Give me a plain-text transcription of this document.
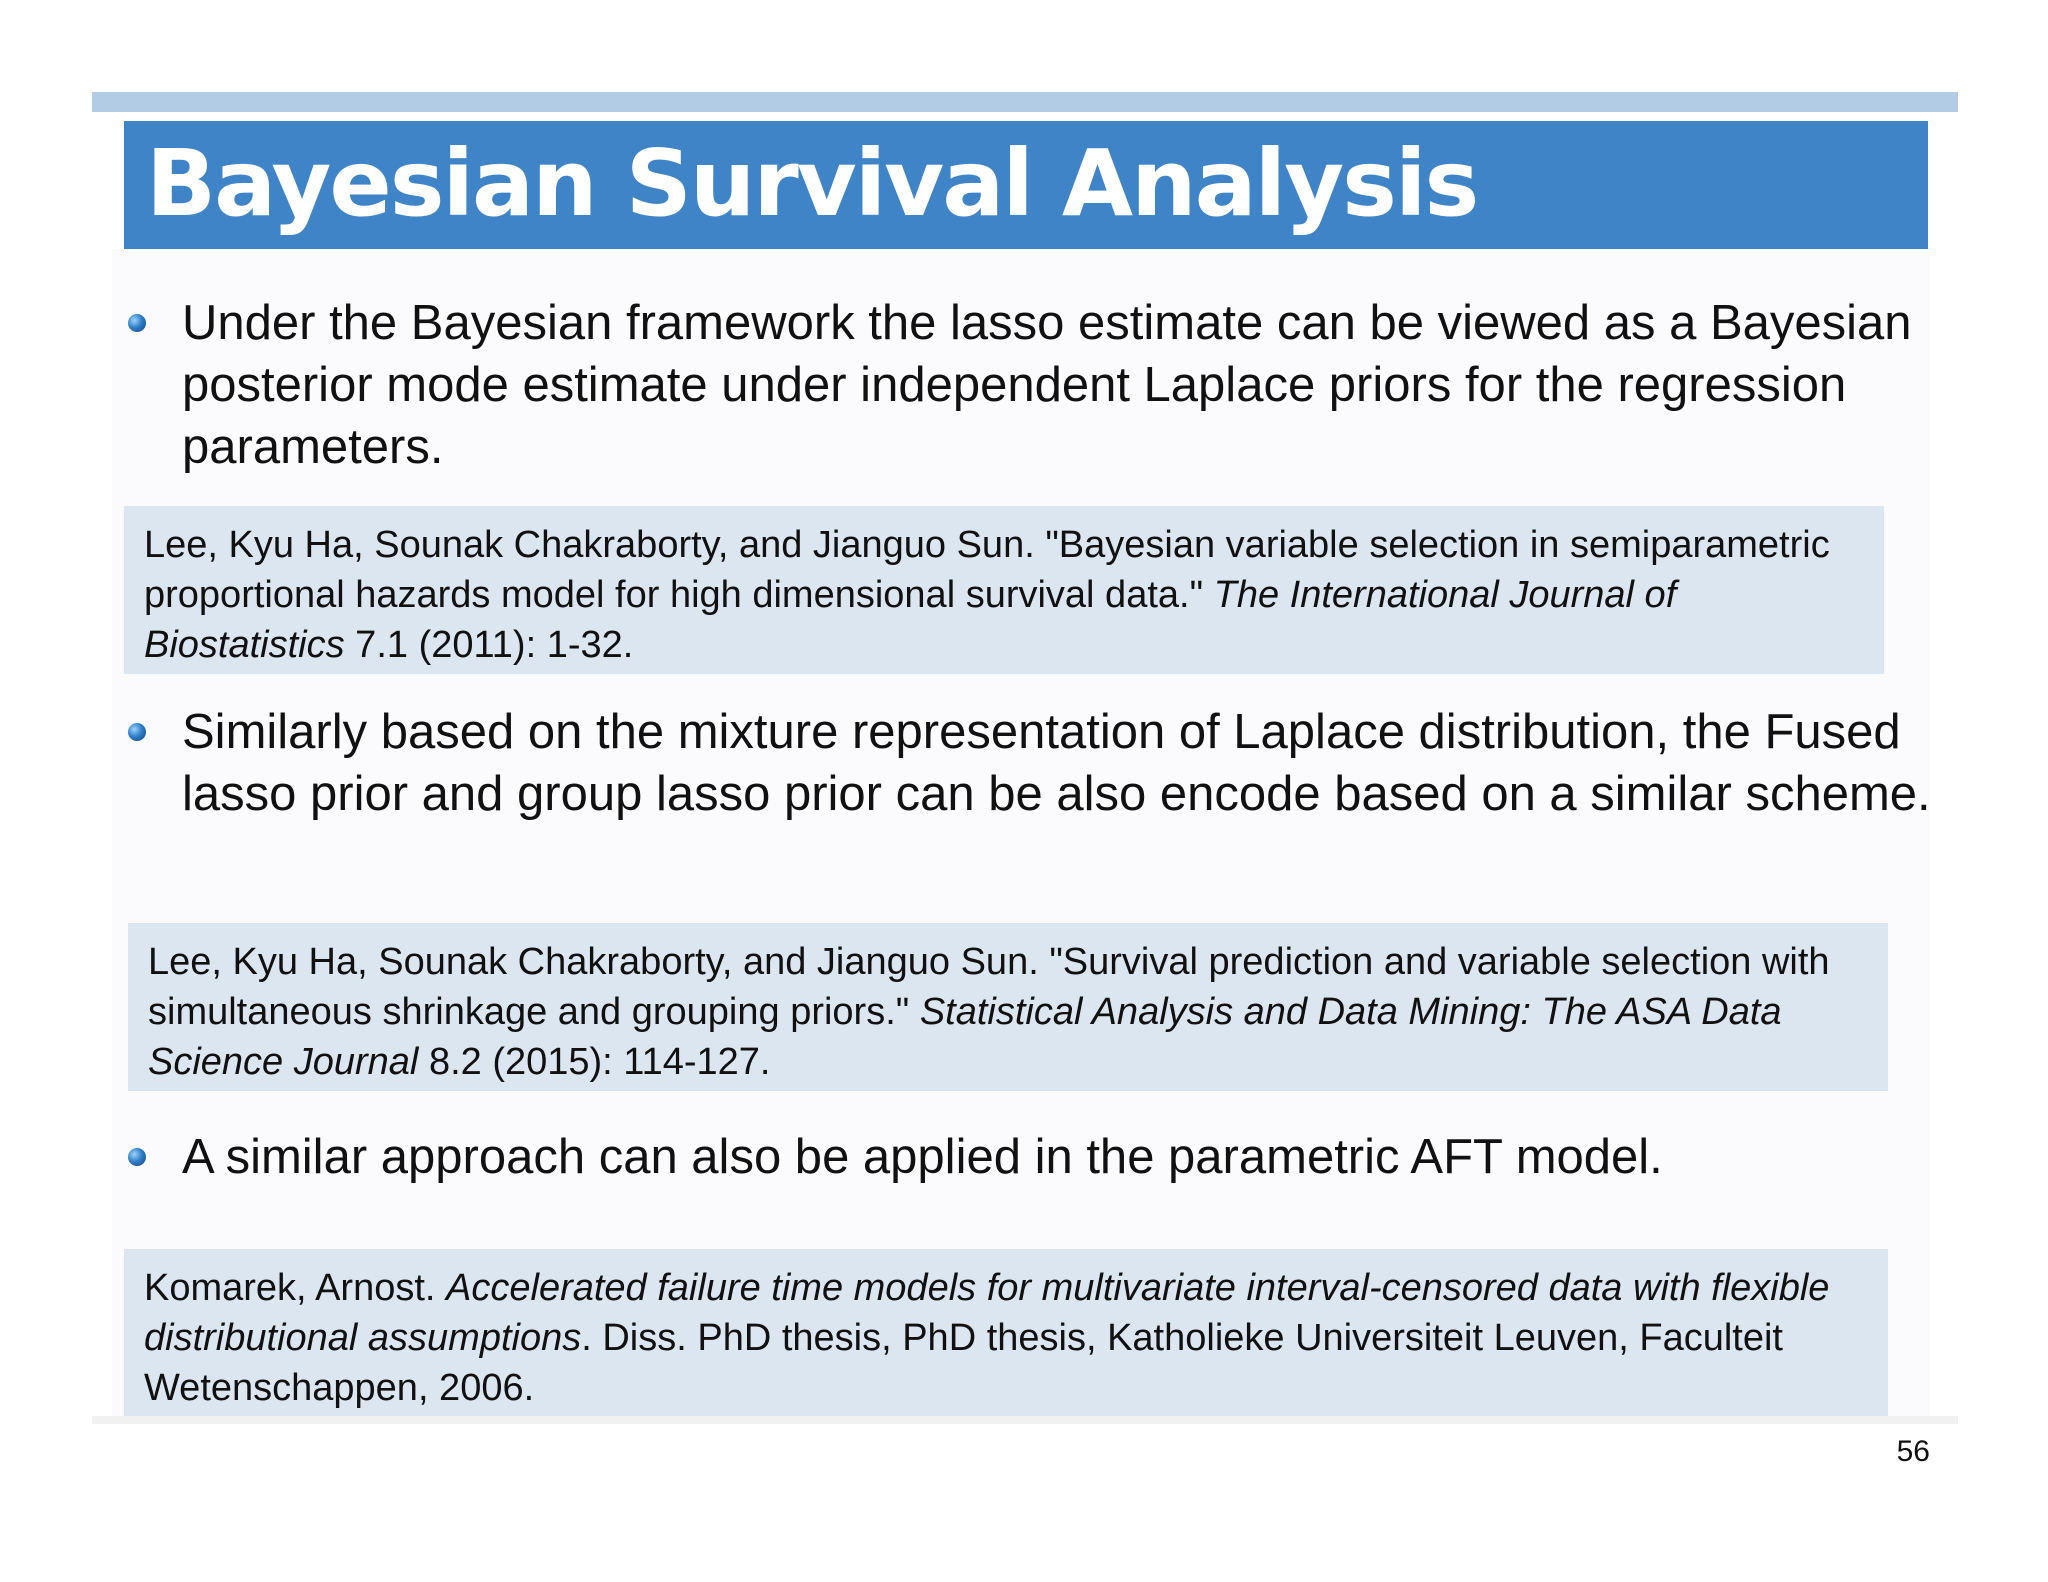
Bayesian Survival Analysis
Under the Bayesian framework the lasso estimate can be viewed as a Bayesian posterior mode estimate under independent Laplace priors for the regression parameters.
Lee, Kyu Ha, Sounak Chakraborty, and Jianguo Sun. "Bayesian variable selection in semiparametric proportional hazards model for high dimensional survival data." The International Journal of Biostatistics 7.1 (2011): 1-32.
Similarly based on the mixture representation of Laplace distribution, the Fused lasso prior and group lasso prior can be also encode based on a similar scheme.
Lee, Kyu Ha, Sounak Chakraborty, and Jianguo Sun. "Survival prediction and variable selection with simultaneous shrinkage and grouping priors." Statistical Analysis and Data Mining: The ASA Data Science Journal 8.2 (2015): 114-127.
A similar approach can also be applied in the parametric AFT model.
Komarek, Arnost. Accelerated failure time models for multivariate interval-censored data with flexible distributional assumptions. Diss. PhD thesis, PhD thesis, Katholieke Universiteit Leuven, Faculteit Wetenschappen, 2006.
56
